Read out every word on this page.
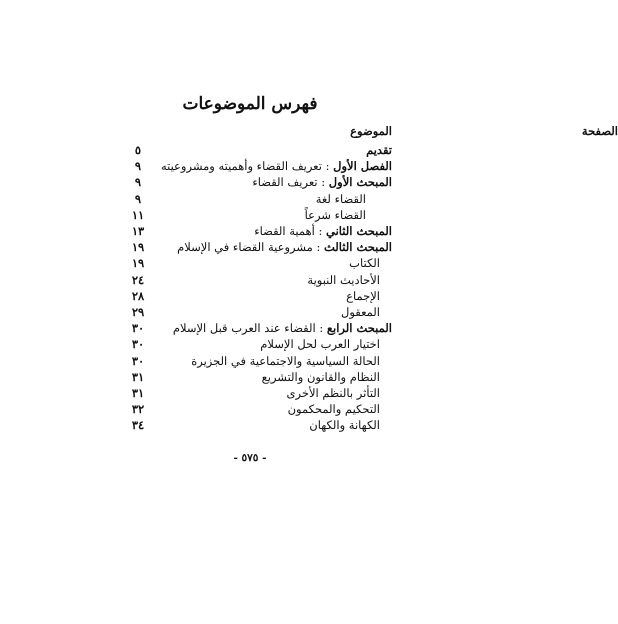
فهرس الموضوعات
الموضوع	الصفحة
تقديم
٥
الفصل الأول : تعريف القضاء وأهميته ومشروعيته
٩
المبحث الأول : تعريف القضاء
٩
القضاء لغة
٩
القضاء شرعاً
١١
المبحث الثاني : أهمية القضاء
١٣
المبحث الثالث : مشروعية القضاء في الإسلام
١٩
الكتاب
١٩
الأحاديث النبوية
٢٤
الإجماع
٢٨
المعقول
٢٩
المبحث الرابع : القضاء عند العرب قبل الإسلام
٣٠
اختيار العرب لحل الإسلام
٣٠
الحالة السياسية والاجتماعية في الجزيرة
٣٠
النظام والقانون والتشريع
٣١
التأثر بالنظم الأخرى
٣١
التحكيم والمحكمون
٣٢
الكهانة والكهان
٣٤
- ٥٧٥ -
